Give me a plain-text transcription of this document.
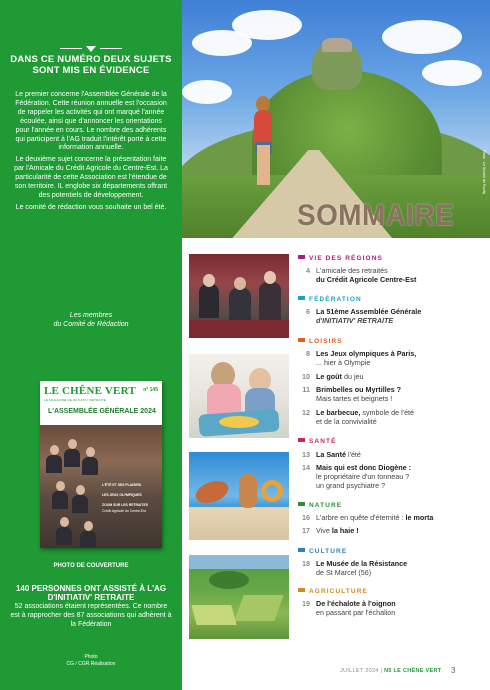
DANS CE NUMÉRO DEUX SUJETS SONT MIS EN ÉVIDENCE

Le premier concerne l'Assemblée Générale de la Fédération. Cette réunion annuelle est l'occasion de rappeler les activités qui ont marqué l'année écoulée, ainsi que d'annoncer les orientations pour l'année en cours. Le nombre des adhérents qui participent à l'AG traduit l'intérêt porté à cette information annuelle.

Le deuxième sujet concerne la présentation faite par l'Amicale du Crédit Agricole du Centre-Est. La particularité de cette Association est l'étendue de son territoire. IL englobe six départements offrant des potentiels de développement.

Le comité de rédaction vous souhaite un bel été.

Les membres
du Comité de Rédaction
PHOTO DE COUVERTURE
140 PERSONNES ONT ASSISTÉ À L'AG D'INITIATIV' RETRAITE
52 associations étaient représentées. Ce nombre est à rapprocher des 87 associations qui adhèrent à la Fédération
Photo
CG / CGR Réalisation
LE CHÊNE VERT n° 145
LE MAGAZINE DE INITIATIV' RETRAITE
L'ASSEMBLÉE GÉNÉRALE 2024
L'ÉTÉ ET SES PLAISIRS
LES JEUX OLYMPIQUES
ZOOM SUR LES RETRAITES
Crédit Agricole du Centre-Est
Photo : Le Solutré de Pouilly
SOMMAIRE
VIE DES RÉGIONS
4 L'amicale des retraités
du Crédit Agricole Centre-Est
FÉDÉRATION
6 La 51ème Assemblée Générale
d'INITIATIV' RETRAITE
LOISIRS
8 Les Jeux olympiques à Paris,
... hier à Olympie
10 Le goût du jeu
11 Brimbelles ou Myrtilles ?
Mais tartes et beignets !
12 Le barbecue, symbole de l'été
et de la convivialité
SANTÉ
13 La Santé l'été
14 Mais qui est donc Diogène :
le propriétaire d'un tonneau ?
un grand psychiatre ?
NATURE
16 L'arbre en quête d'éternité : le morta
17 Vive la haie !
CULTURE
18 Le Musée de la Résistance
de St Marcel (56)
AGRICULTURE
19 De l'échalote à l'oignon
en passant par l'échalion
JUILLET 2024 | N5 LE CHÊNE VERT 3
